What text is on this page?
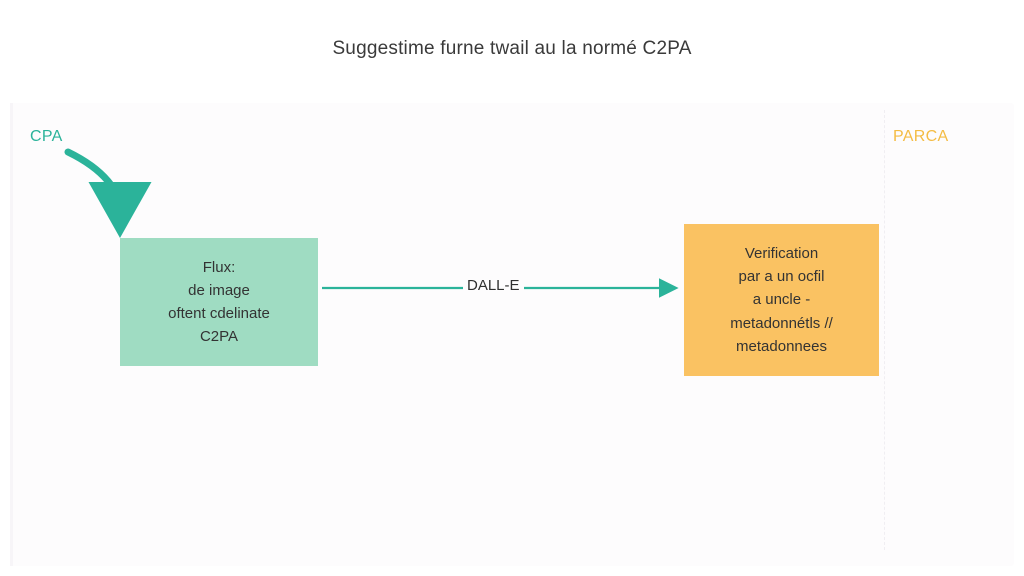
Suggestime furne twail au la normé C2PA
CPA	PARCA
Flux:
de image
oftent cdelinate
C2PA
Verification
par a un ocfil
a uncle -
metadonnétls //
metadonnees
DALL-E
